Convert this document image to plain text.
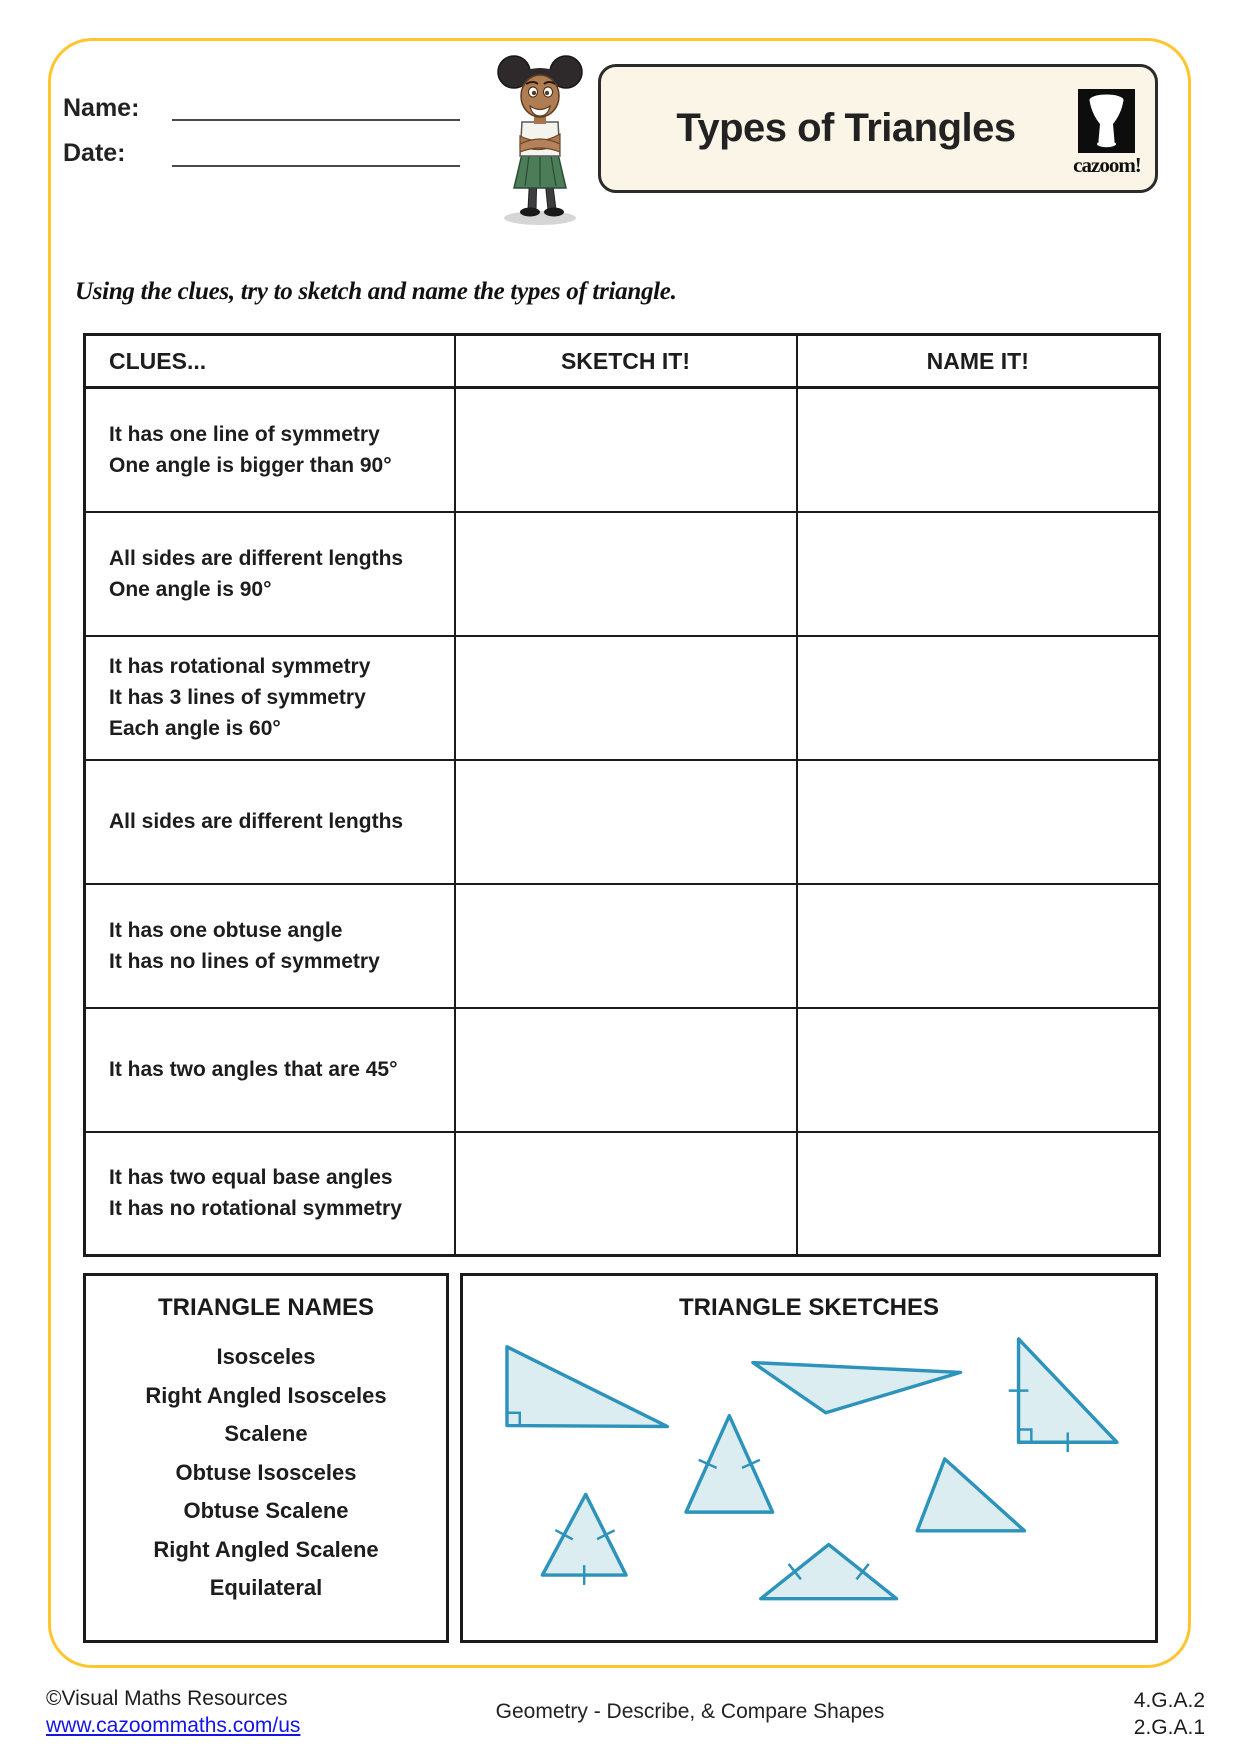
Name:
Date:
Types of Triangles
cazoom!
Using the clues, try to sketch and name the types of triangle.
CLUES...	SKETCH IT!	NAME IT!

It has one line of symmetry
One angle is bigger than 90°		

All sides are different lengths
One angle is 90°		

It has rotational symmetry
It has 3 lines of symmetry
Each angle is 60°		

All sides are different lengths		

It has one obtuse angle
It has no lines of symmetry		

It has two angles that are 45°		

It has two equal base angles
It has no rotational symmetry		

TRIANGLE NAMES
Isosceles
Right Angled Isosceles
Scalene
Obtuse Isosceles
Obtuse Scalene
Right Angled Scalene
Equilateral
TRIANGLE SKETCHES
©Visual Maths Resources
www.cazoommaths.com/us
Geometry - Describe, & Compare Shapes	4.G.A.2
2.G.A.1
